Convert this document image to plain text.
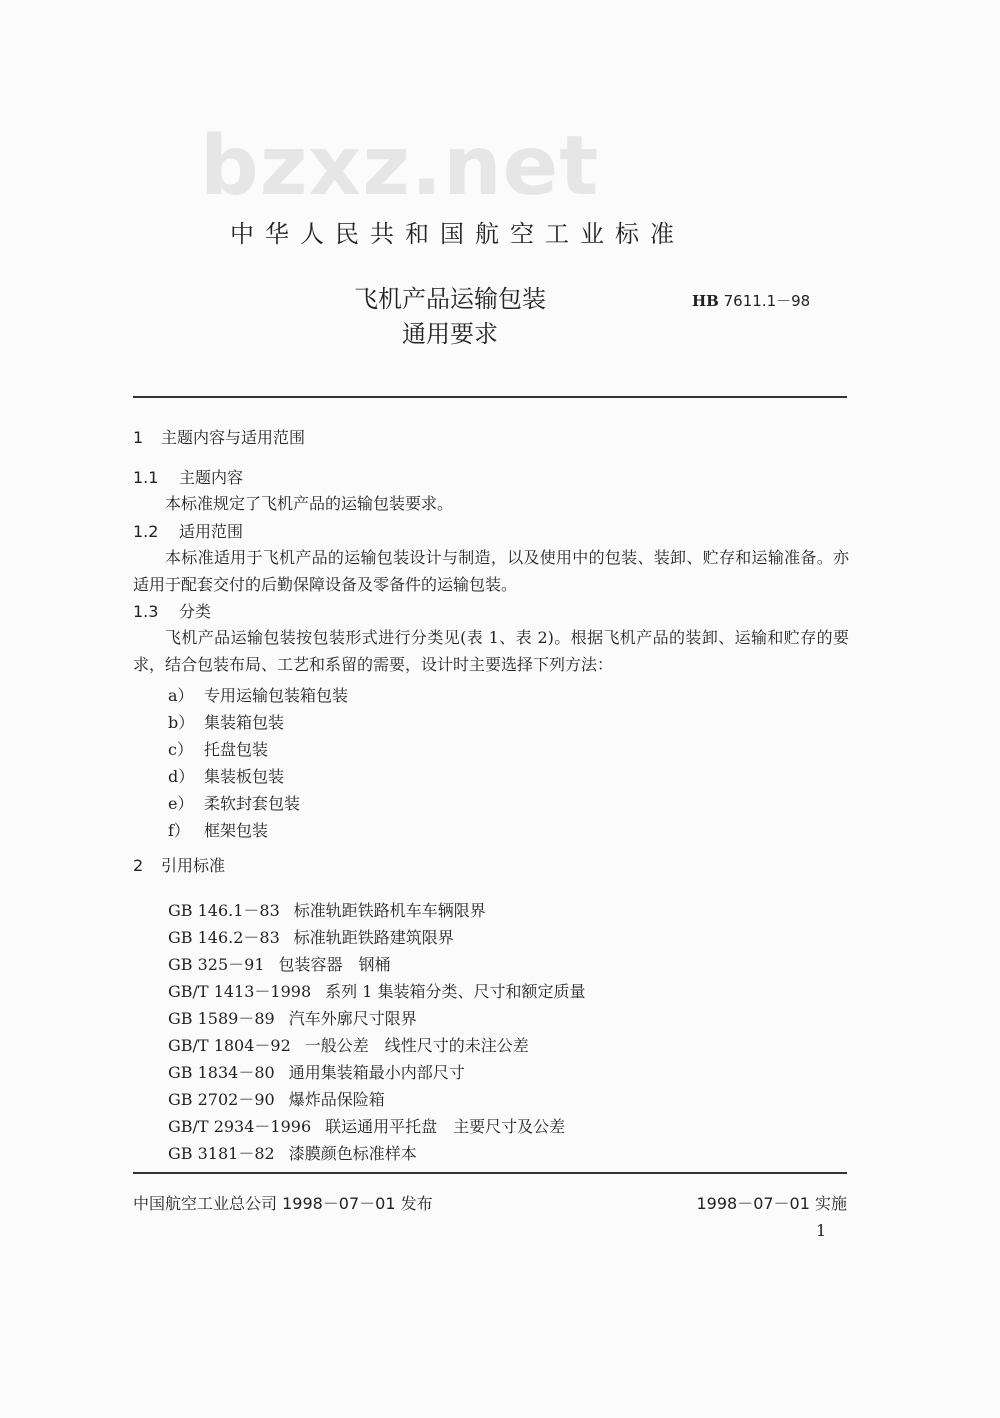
bzxz.net
中华人民共和国航空工业标准
飞机产品运输包装
通用要求
HB 7611.1－98
1 主题内容与适用范围
1.1 主题内容
本标准规定了飞机产品的运输包装要求。
1.2 适用范围
本标准适用于飞机产品的运输包装设计与制造，以及使用中的包装、装卸、贮存和运输准备。亦适用于配套交付的后勤保障设备及零备件的运输包装。
1.3 分类
飞机产品运输包装按包装形式进行分类见(表 1、表 2)。根据飞机产品的装卸、运输和贮存的要求，结合包装布局、工艺和系留的需要，设计时主要选择下列方法：
a） 专用运输包装箱包装
b） 集装箱包装
c） 托盘包装
d） 集装板包装
e） 柔软封套包装
f） 框架包装
2 引用标准
GB 146.1－83 标准轨距铁路机车车辆限界
GB 146.2－83 标准轨距铁路建筑限界
GB 325－91 包装容器　钢桶
GB/T 1413－1998 系列 1 集装箱分类、尺寸和额定质量
GB 1589－89 汽车外廓尺寸限界
GB/T 1804－92 一般公差　线性尺寸的未注公差
GB 1834－80 通用集装箱最小内部尺寸
GB 2702－90 爆炸品保险箱
GB/T 2934－1996 联运通用平托盘　主要尺寸及公差
GB 3181－82 漆膜颜色标准样本
中国航空工业总公司 1998－07－01 发布	1998－07－01 实施
1
